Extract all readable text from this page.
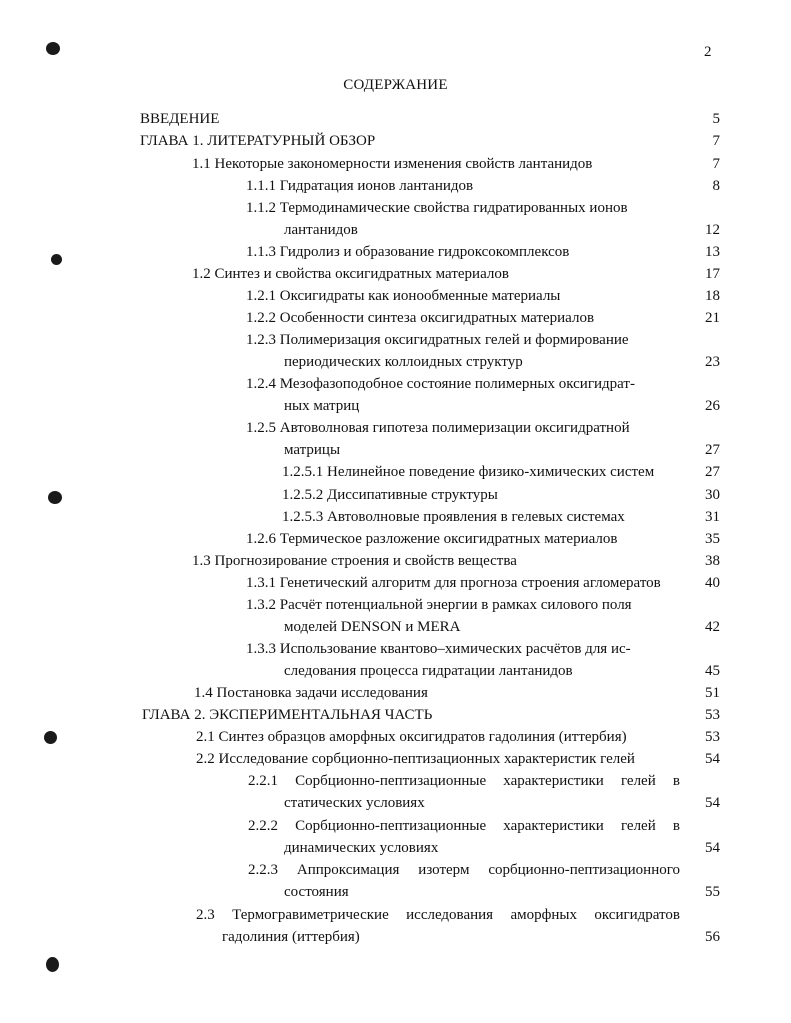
2
СОДЕРЖАНИЕ
ВВЕДЕНИЕ	5
ГЛАВА 1. ЛИТЕРАТУРНЫЙ ОБЗОР	7
1.1 Некоторые закономерности изменения свойств лантанидов	7
1.1.1 Гидратация ионов лантанидов	8
1.1.2 Термодинамические свойства гидратированных ионов
лантанидов	12
1.1.3 Гидролиз и образование гидроксокомплексов	13
1.2 Синтез и свойства оксигидратных материалов	17
1.2.1 Оксигидраты как ионообменные материалы	18
1.2.2 Особенности синтеза оксигидратных материалов	21
1.2.3 Полимеризация оксигидратных гелей и формирование
периодических коллоидных структур	23
1.2.4 Мезофазоподобное состояние полимерных оксигидрат-
ных матриц	26
1.2.5 Автоволновая гипотеза полимеризации оксигидратной
матрицы	27
1.2.5.1 Нелинейное поведение физико-химических систем	27
1.2.5.2 Диссипативные структуры	30
1.2.5.3 Автоволновые проявления в гелевых системах	31
1.2.6 Термическое разложение оксигидратных материалов	35
1.3 Прогнозирование строения и свойств вещества	38
1.3.1 Генетический алгоритм для прогноза строения агломератов	40
1.3.2 Расчёт потенциальной энергии в рамках силового поля
моделей DENSON и MERA	42
1.3.3 Использование квантово–химических расчётов для ис-
следования процесса гидратации лантанидов	45
1.4 Постановка задачи исследования	51
ГЛАВА 2. ЭКСПЕРИМЕНТАЛЬНАЯ ЧАСТЬ	53
2.1 Синтез образцов аморфных оксигидратов гадолиния (иттербия)	53
2.2 Исследование сорбционно-пептизационных характеристик гелей	54
2.2.1 Сорбционно-пептизационные характеристики гелей в
статических условиях	54
2.2.2 Сорбционно-пептизационные характеристики гелей в
динамических условиях	54
2.2.3 Аппроксимация изотерм сорбционно-пептизационного
состояния	55
2.3 Термогравиметрические исследования аморфных оксигидратов
гадолиния (иттербия)	56
